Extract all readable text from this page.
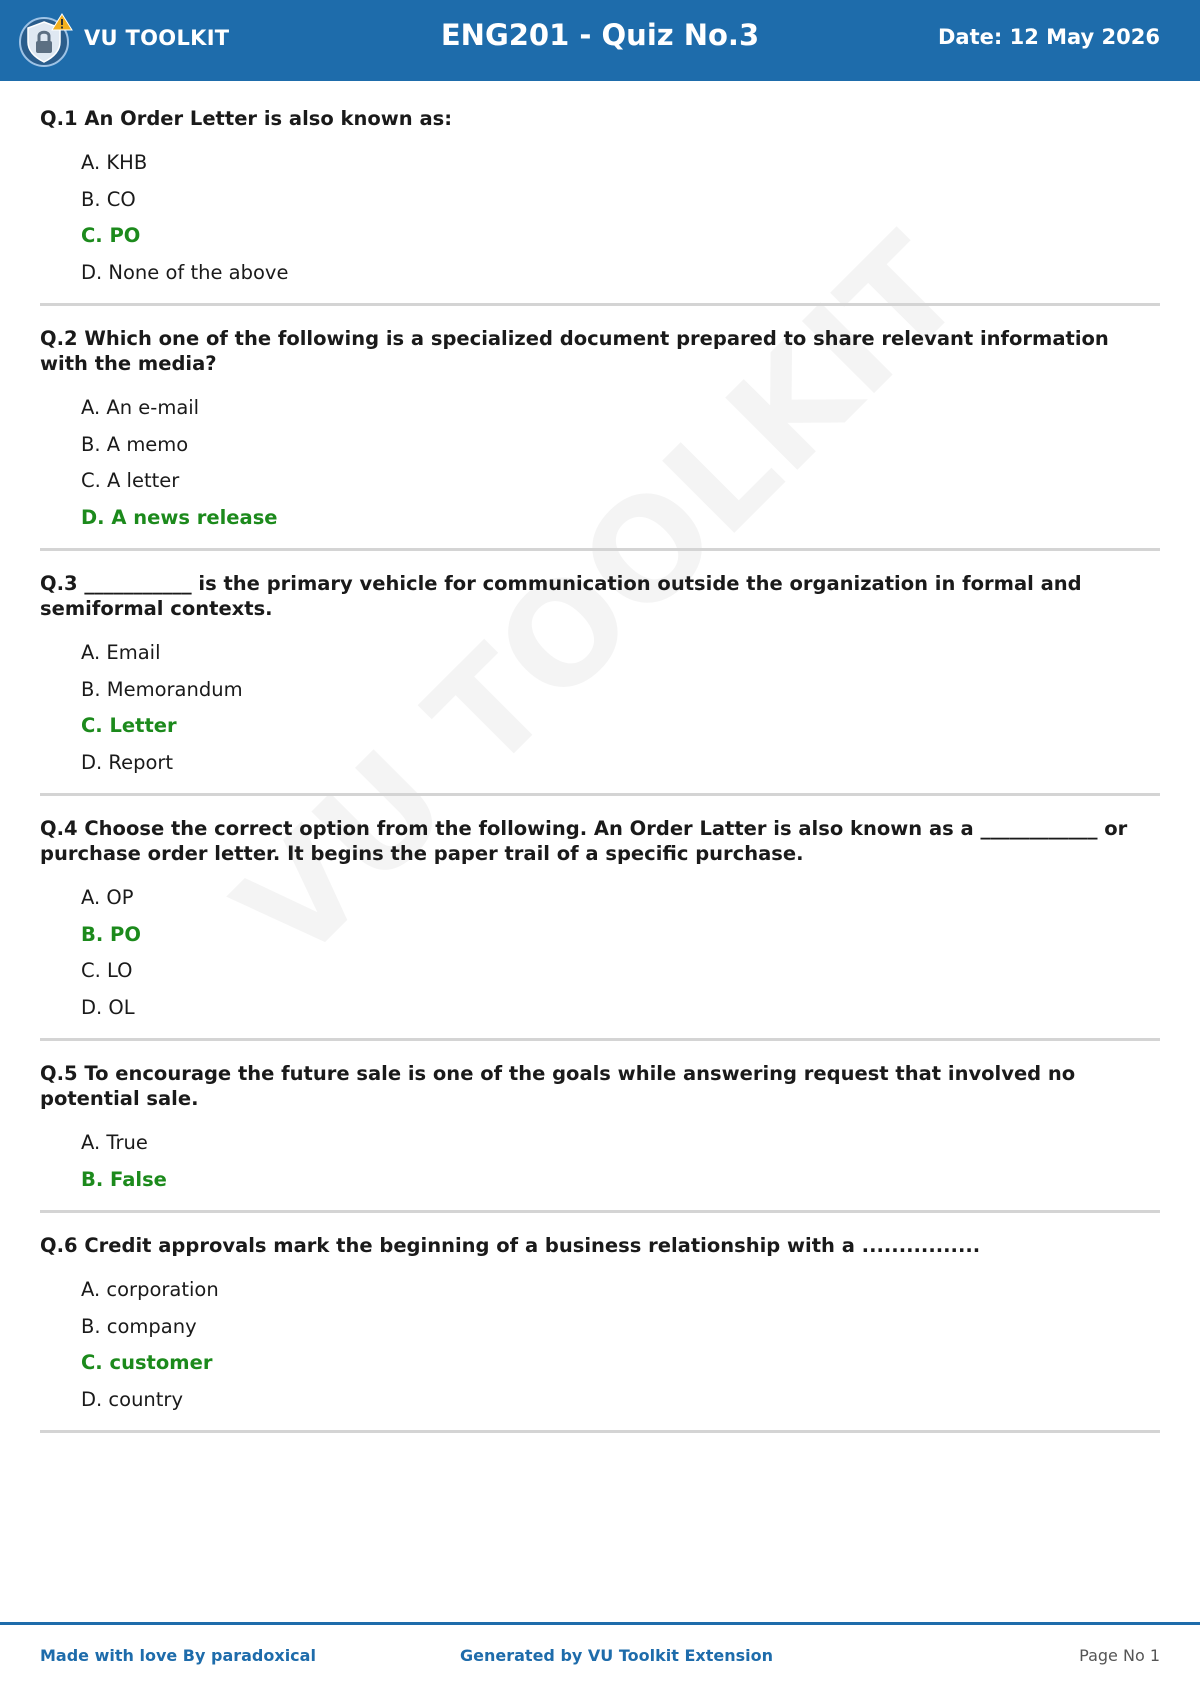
VU TOOLKIT	ENG201 - Quiz No.3	Date: 12 May 2026
Q.1 An Order Letter is also known as:
A. KHB
B. CO
C. PO
D. None of the above
Q.2 Which one of the following is a specialized document prepared to share relevant information with the media?
A. An e-mail
B. A memo
C. A letter
D. A news release
Q.3 ___________ is the primary vehicle for communication outside the organization in formal and semiformal contexts.
A. Email
B. Memorandum
C. Letter
D. Report
Q.4 Choose the correct option from the following. An Order Latter is also known as a ____________ or purchase order letter. It begins the paper trail of a specific purchase.
A. OP
B. PO
C. LO
D. OL
Q.5 To encourage the future sale is one of the goals while answering request that involved no potential sale.
A. True
B. False
Q.6 Credit approvals mark the beginning of a business relationship with a ................
A. corporation
B. company
C. customer
D. country
Made with love By paradoxical	Generated by VU Toolkit Extension	Page No 1
